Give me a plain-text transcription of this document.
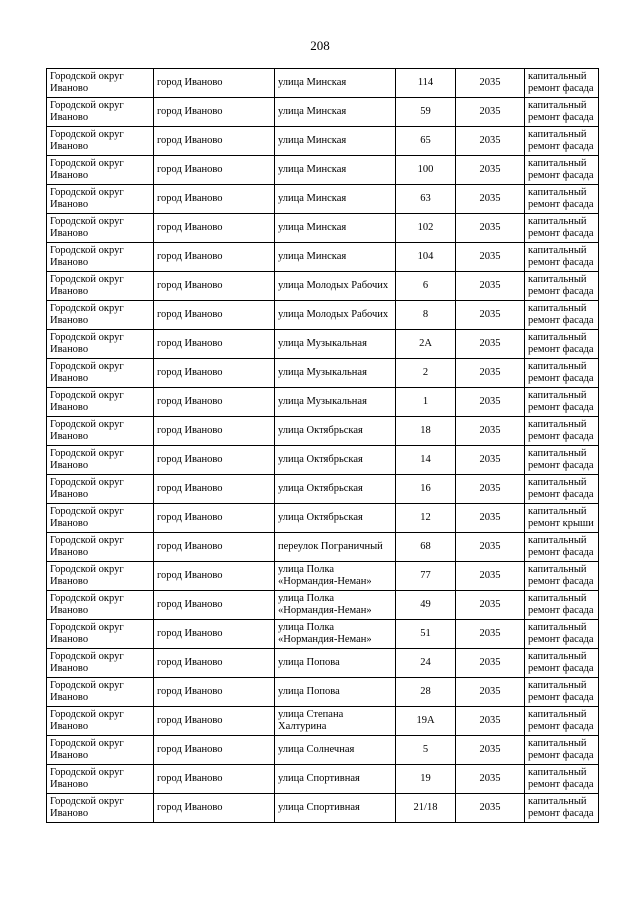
208
Городской округ Иваново	город Иваново	улица Минская	114	2035	капитальный ремонт фасада
Городской округ Иваново	город Иваново	улица Минская	59	2035	капитальный ремонт фасада
Городской округ Иваново	город Иваново	улица Минская	65	2035	капитальный ремонт фасада
Городской округ Иваново	город Иваново	улица Минская	100	2035	капитальный ремонт фасада
Городской округ Иваново	город Иваново	улица Минская	63	2035	капитальный ремонт фасада
Городской округ Иваново	город Иваново	улица Минская	102	2035	капитальный ремонт фасада
Городской округ Иваново	город Иваново	улица Минская	104	2035	капитальный ремонт фасада
Городской округ Иваново	город Иваново	улица Молодых Рабочих	6	2035	капитальный ремонт фасада
Городской округ Иваново	город Иваново	улица Молодых Рабочих	8	2035	капитальный ремонт фасада
Городской округ Иваново	город Иваново	улица Музыкальная	2А	2035	капитальный ремонт фасада
Городской округ Иваново	город Иваново	улица Музыкальная	2	2035	капитальный ремонт фасада
Городской округ Иваново	город Иваново	улица Музыкальная	1	2035	капитальный ремонт фасада
Городской округ Иваново	город Иваново	улица Октябрьская	18	2035	капитальный ремонт фасада
Городской округ Иваново	город Иваново	улица Октябрьская	14	2035	капитальный ремонт фасада
Городской округ Иваново	город Иваново	улица Октябрьская	16	2035	капитальный ремонт фасада
Городской округ Иваново	город Иваново	улица Октябрьская	12	2035	капитальный ремонт крыши
Городской округ Иваново	город Иваново	переулок Пограничный	68	2035	капитальный ремонт фасада
Городской округ Иваново	город Иваново	улица Полка «Нормандия-Неман»	77	2035	капитальный ремонт фасада
Городской округ Иваново	город Иваново	улица Полка «Нормандия-Неман»	49	2035	капитальный ремонт фасада
Городской округ Иваново	город Иваново	улица Полка «Нормандия-Неман»	51	2035	капитальный ремонт фасада
Городской округ Иваново	город Иваново	улица Попова	24	2035	капитальный ремонт фасада
Городской округ Иваново	город Иваново	улица Попова	28	2035	капитальный ремонт фасада
Городской округ Иваново	город Иваново	улица Степана Халтурина	19А	2035	капитальный ремонт фасада
Городской округ Иваново	город Иваново	улица Солнечная	5	2035	капитальный ремонт фасада
Городской округ Иваново	город Иваново	улица Спортивная	19	2035	капитальный ремонт фасада
Городской округ Иваново	город Иваново	улица Спортивная	21/18	2035	капитальный ремонт фасада
